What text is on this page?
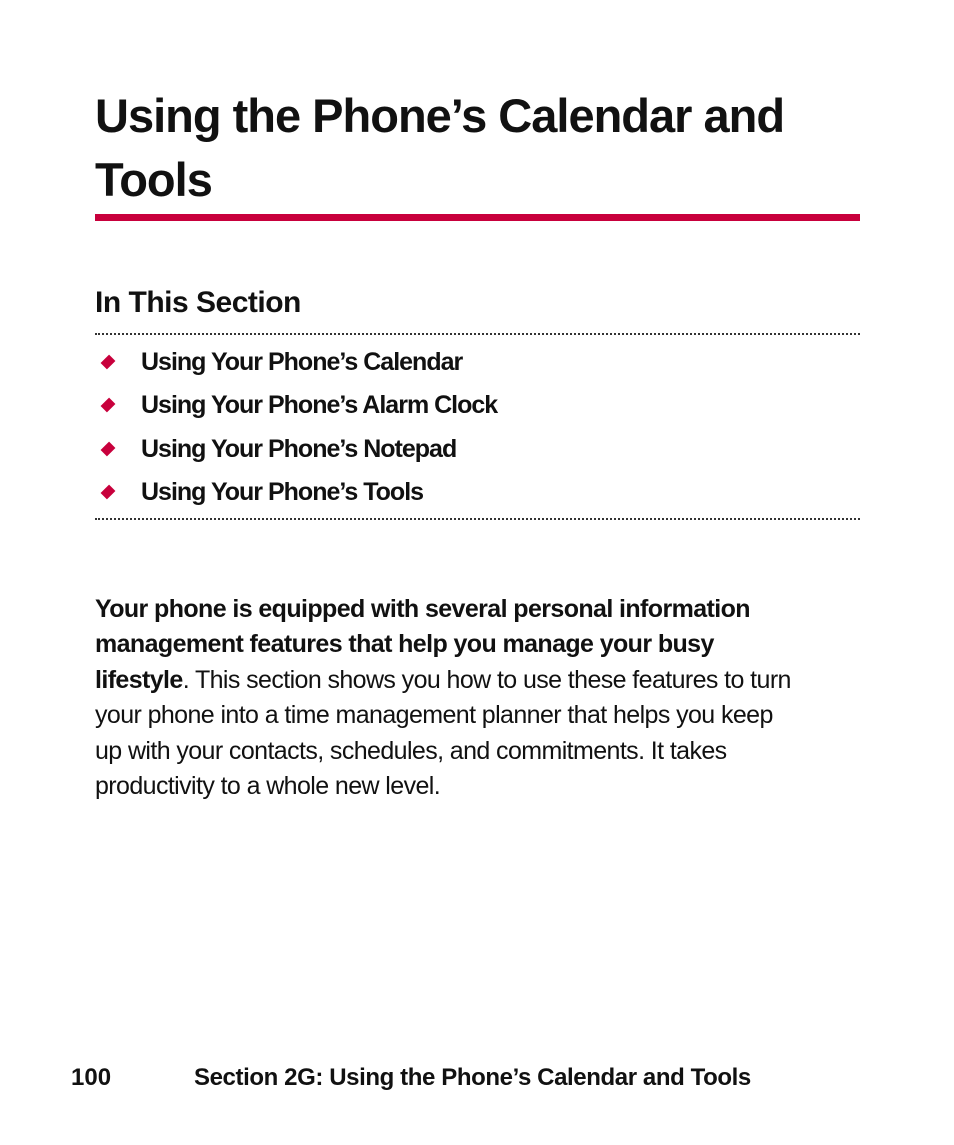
Using the Phone’s Calendar and Tools
In This Section
Using Your Phone’s Calendar
Using Your Phone’s Alarm Clock
Using Your Phone’s Notepad
Using Your Phone’s Tools

Your phone is equipped with several personal information management features that help you manage your busy lifestyle. This section shows you how to use these features to turn your phone into a time management planner that helps you keep up with your contacts, schedules, and commitments. It takes productivity to a whole new level.

100	Section 2G: Using the Phone’s Calendar and Tools
